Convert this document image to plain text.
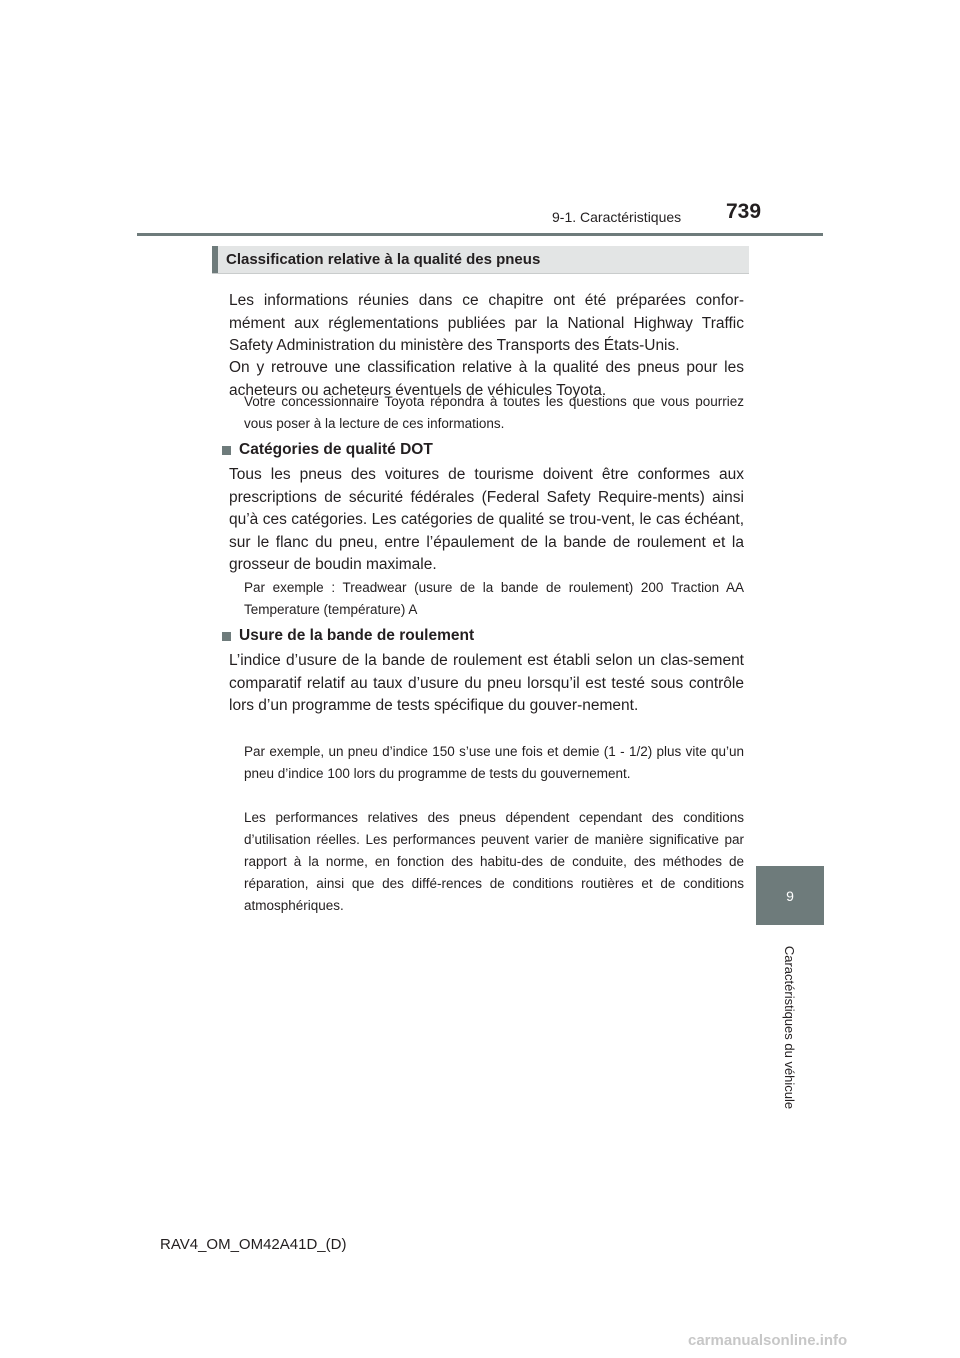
9-1. Caractéristiques 739
9
Caractéristiques du véhicule
Classification relative à la qualité des pneus

Les informations réunies dans ce chapitre ont été préparées confor-mément aux réglementations publiées par la National Highway Traffic Safety Administration du ministère des Transports des États-Unis.

On y retrouve une classification relative à la qualité des pneus pour les acheteurs ou acheteurs éventuels de véhicules Toyota.

Votre concessionnaire Toyota répondra à toutes les questions que vous pourriez vous poser à la lecture de ces informations.

Catégories de qualité DOT

Tous les pneus des voitures de tourisme doivent être conformes aux prescriptions de sécurité fédérales (Federal Safety Require-ments) ainsi qu’à ces catégories. Les catégories de qualité se trou-vent, le cas échéant, sur le flanc du pneu, entre l’épaulement de la bande de roulement et la grosseur de boudin maximale.

Par exemple : Treadwear (usure de la bande de roulement) 200 Traction AA Temperature (température) A

Usure de la bande de roulement

L’indice d’usure de la bande de roulement est établi selon un clas-sement comparatif relatif au taux d’usure du pneu lorsqu’il est testé sous contrôle lors d’un programme de tests spécifique du gouver-nement.

Par exemple, un pneu d’indice 150 s’use une fois et demie (1 - 1/2) plus vite qu’un pneu d’indice 100 lors du programme de tests du gouvernement.

Les performances relatives des pneus dépendent cependant des conditions d’utilisation réelles. Les performances peuvent varier de manière significative par rapport à la norme, en fonction des habitu-des de conduite, des méthodes de réparation, ainsi que des diffé-rences de conditions routières et de conditions atmosphériques.

RAV4_OM_OM42A41D_(D)
carmanualsonline.info
